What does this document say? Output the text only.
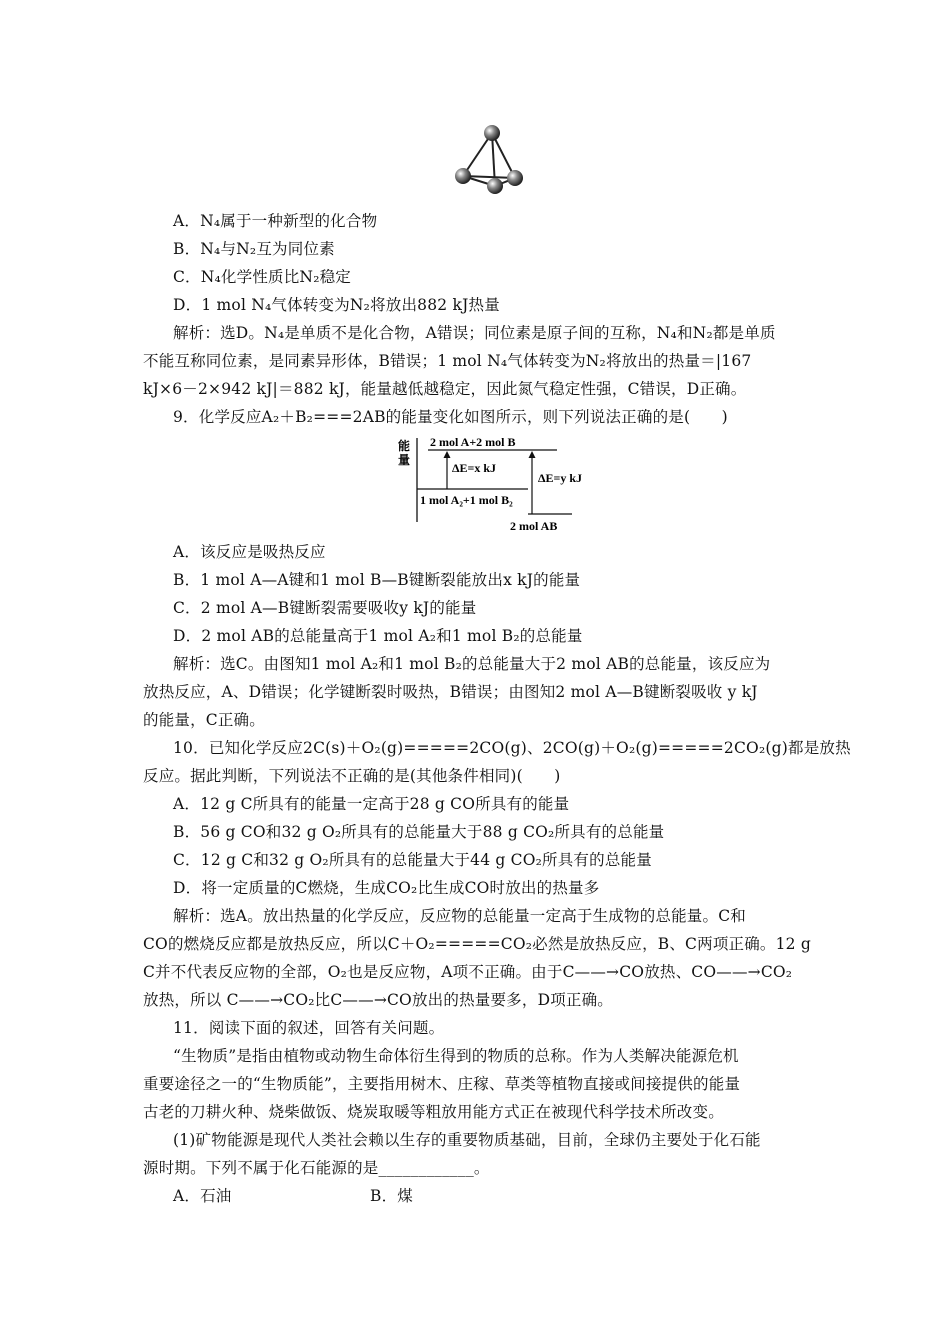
A．N₄属于一种新型的化合物
B．N₄与N₂互为同位素
C．N₄化学性质比N₂稳定
D．1 mol N₄气体转变为N₂将放出882 kJ热量
解析：选D。N₄是单质不是化合物，A错误；同位素是原子间的互称，N₄和N₂都是单质
不能互称同位素，是同素异形体，B错误；1 mol N₄气体转变为N₂将放出的热量＝|167
kJ×6－2×942 kJ|＝882 kJ，能量越低越稳定，因此氮气稳定性强，C错误，D正确。
9．化学反应A₂＋B₂===2AB的能量变化如图所示，则下列说法正确的是(　　)
能
量
2 mol A+2 mol B
1 mol A₂+1 mol B₂
2 mol AB
ΔE=x kJ
ΔE=y kJ
A．该反应是吸热反应
B．1 mol A—A键和1 mol B—B键断裂能放出x kJ的能量
C．2 mol A—B键断裂需要吸收y kJ的能量
D．2 mol AB的总能量高于1 mol A₂和1 mol B₂的总能量
解析：选C。由图知1 mol A₂和1 mol B₂的总能量大于2 mol AB的总能量，该反应为
放热反应，A、D错误；化学键断裂时吸热，B错误；由图知2 mol A—B键断裂吸收 y kJ
的能量，C正确。
10．已知化学反应2C(s)＋O₂(g)=====2CO(g)、2CO(g)＋O₂(g)=====2CO₂(g)都是放热
反应。据此判断，下列说法不正确的是(其他条件相同)(　　)
A．12 g C所具有的能量一定高于28 g CO所具有的能量
B．56 g CO和32 g O₂所具有的总能量大于88 g CO₂所具有的总能量
C．12 g C和32 g O₂所具有的总能量大于44 g CO₂所具有的总能量
D．将一定质量的C燃烧，生成CO₂比生成CO时放出的热量多
解析：选A。放出热量的化学反应，反应物的总能量一定高于生成物的总能量。C和
CO的燃烧反应都是放热反应，所以C＋O₂=====CO₂必然是放热反应，B、C两项正确。12 g
C并不代表反应物的全部，O₂也是反应物，A项不正确。由于C——→CO放热、CO——→CO₂
放热，所以 C——→CO₂比C——→CO放出的热量要多，D项正确。
11．阅读下面的叙述，回答有关问题。
“生物质”是指由植物或动物生命体衍生得到的物质的总称。作为人类解决能源危机
重要途径之一的“生物质能”，主要指用树木、庄稼、草类等植物直接或间接提供的能量
古老的刀耕火种、烧柴做饭、烧炭取暖等粗放用能方式正在被现代科学技术所改变。
(1)矿物能源是现代人类社会赖以生存的重要物质基础，目前，全球仍主要处于化石能
源时期。下列不属于化石能源的是____________。
A．石油	B．煤
